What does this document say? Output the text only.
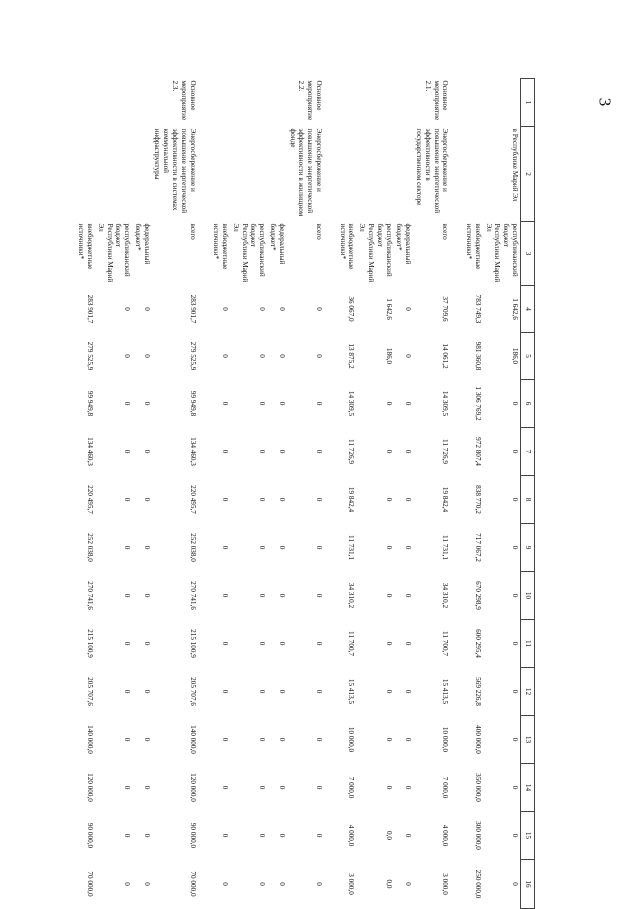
3
1	2	3	4	5	6	7	8	9	10	11	12	13	14	15	16
	в Республике Марий Эл	республиканский бюджет Республики Марий Эл	1 642,6	186,0	0	0	0	0	0	0	0	0	0	0	0
		внебюджетные источники*	783 749,3	981 360,8	1 306 769,2	972 807,4	838 770,2	717 067,2	670 298,9	600 295,4	569 226,8	400 000,0	350 000,0	300 000,0	250 000,0
Основное мероприятие 2.1.	Энергосбережение и повышение энергетической эффективности в государственном секторе	всего	37 709,6	14 061,2	14 309,5	11 726,9	19 842,4	11 731,1	34 310,2	11 700,7	15 413,5	10 000,0	7 000,0	4 000,0	3 000,0
		федеральный бюджет*	0	0	0	0	0	0	0	0	0	0	0	0	0
		республиканский бюджет Республики Марий Эл	1 642,6	186,0	0	0	0	0	0	0	0	0	0	0,0	0,0
		внебюджетные источники*	36 067,0	13 875,2	14 309,5	11 726,9	19 842,4	11 731,1	34 310,2	11 700,7	15 413,5	10 000,0	7 000,0	4 000,0	3 000,0
Основное мероприятие 2.2.	Энергосбережение и повышение энергетической эффективности в жилищном фонде	всего	0	0	0	0	0	0	0	0	0	0	0	0	0
		федеральный бюджет*	0	0	0	0	0	0	0	0	0	0	0	0	0
		республиканский бюджет Республики Марий Эл	0	0	0	0	0	0	0	0	0	0	0	0	0
		внебюджетные источники*	0	0	0	0	0	0	0	0	0	0	0	0	0
Основное мероприятие 2.3.	Энергосбережение и повышение энергетической эффективности в системах коммунальной инфраструктуры	всего	283 901,7	279 525,9	99 949,8	134 460,3	220 495,7	252 038,0	270 741,6	215 100,9	205 707,6	140 000,0	120 000,0	90 000,0	70 000,0
		федеральный бюджет*	0	0	0	0	0	0	0	0	0	0	0	0	0
		республиканский бюджет Республики Марий Эл	0	0	0	0	0	0	0	0	0	0	0	0	0
		внебюджетные источники*	283 901,7	279 525,9	99 949,8	134 460,3	220 495,7	252 038,0	270 741,6	215 100,9	205 707,6	140 000,0	120 000,0	90 000,0	70 000,0
